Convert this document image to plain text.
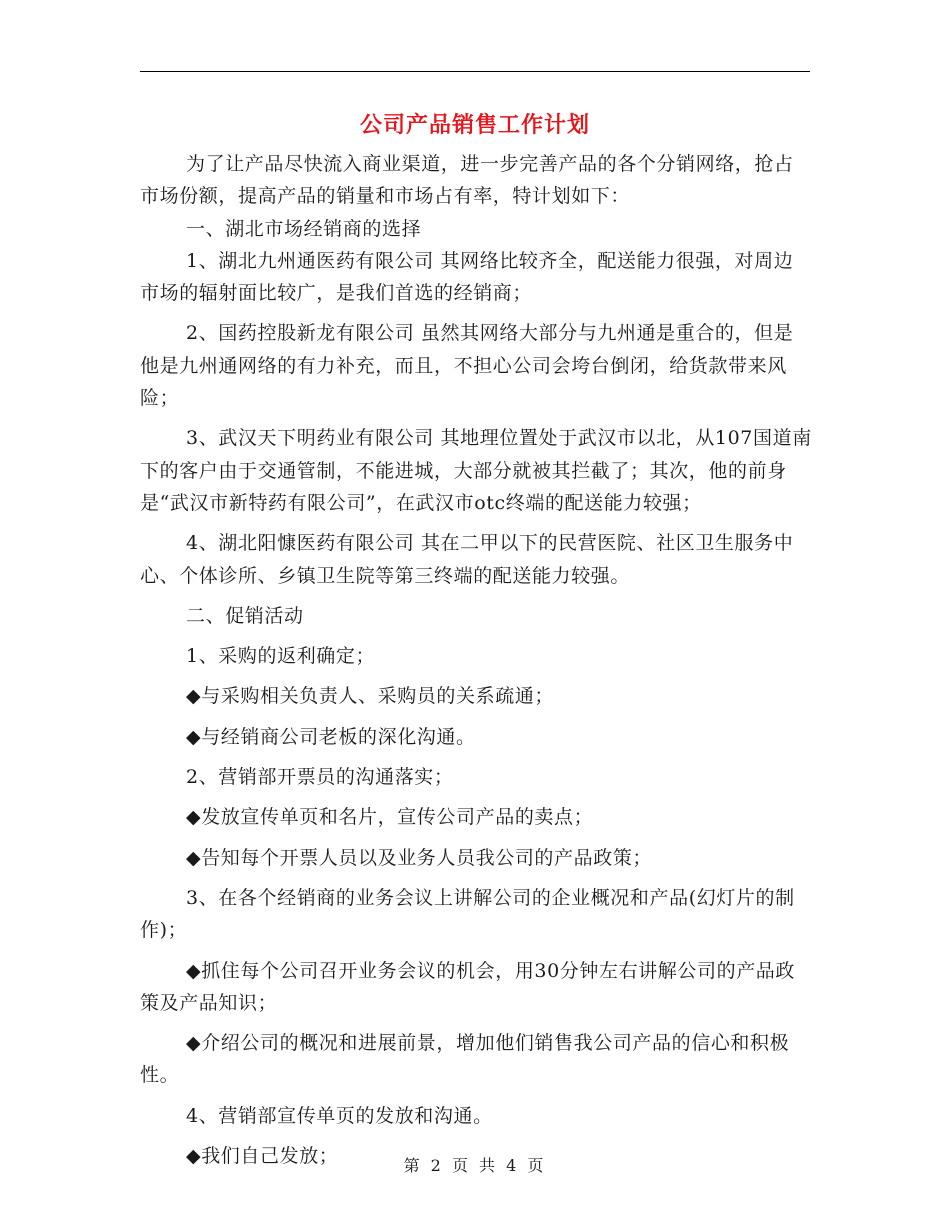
公司产品销售工作计划

为了让产品尽快流入商业渠道，进一步完善产品的各个分销网络，抢占市场份额，提高产品的销量和市场占有率，特计划如下：

一、湖北市场经销商的选择

1、湖北九州通医药有限公司 其网络比较齐全，配送能力很强，对周边市场的辐射面比较广，是我们首选的经销商；

2、国药控股新龙有限公司 虽然其网络大部分与九州通是重合的，但是他是九州通网络的有力补充，而且，不担心公司会垮台倒闭，给货款带来风险；

3、武汉天下明药业有限公司 其地理位置处于武汉市以北，从107国道南下的客户由于交通管制，不能进城，大部分就被其拦截了；其次，他的前身是“武汉市新特药有限公司”，在武汉市otc终端的配送能力较强；

4、湖北阳慷医药有限公司 其在二甲以下的民营医院、社区卫生服务中心、个体诊所、乡镇卫生院等第三终端的配送能力较强。

二、促销活动

1、采购的返利确定；

◆与采购相关负责人、采购员的关系疏通；

◆与经销商公司老板的深化沟通。

2、营销部开票员的沟通落实；

◆发放宣传单页和名片，宣传公司产品的卖点；

◆告知每个开票人员以及业务人员我公司的产品政策；

3、在各个经销商的业务会议上讲解公司的企业概况和产品(幻灯片的制作)；

◆抓住每个公司召开业务会议的机会，用30分钟左右讲解公司的产品政策及产品知识；

◆介绍公司的概况和进展前景，增加他们销售我公司产品的信心和积极性。

4、营销部宣传单页的发放和沟通。

◆我们自己发放；	第 2 页 共 4 页
